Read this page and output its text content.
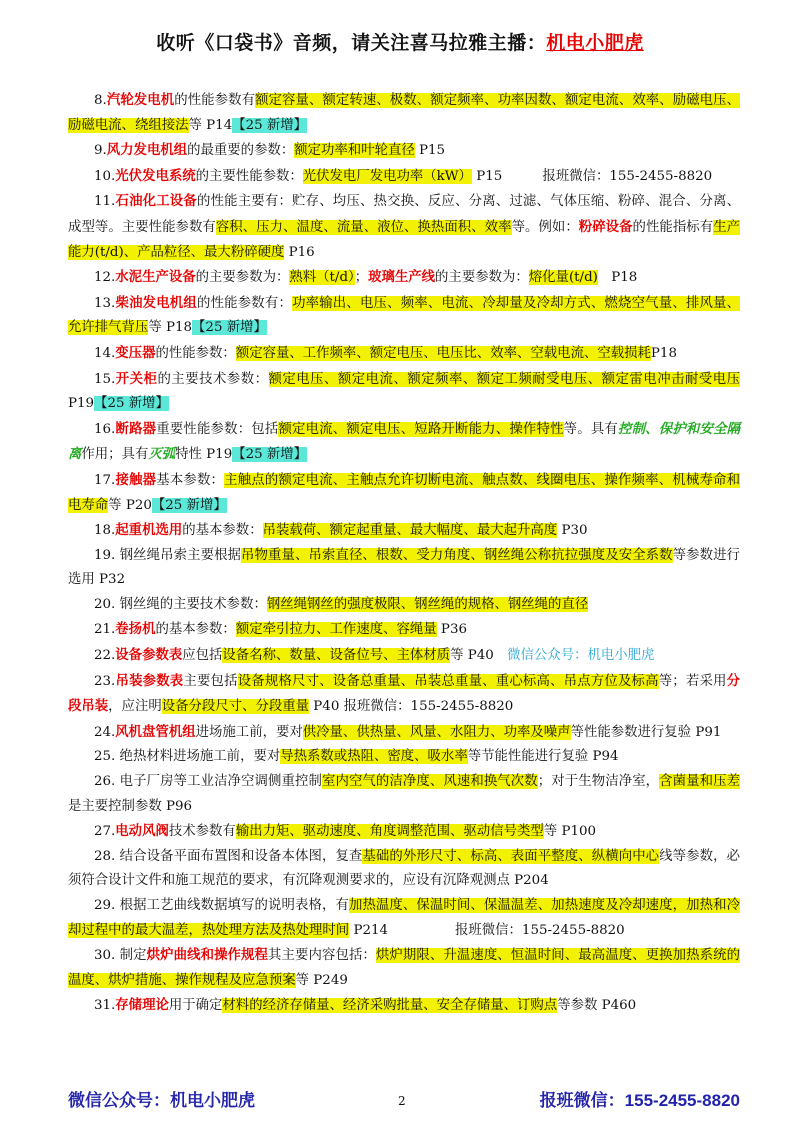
收听《口袋书》音频，请关注喜马拉雅主播：机电小肥虎

8.汽轮发电机的性能参数有额定容量、额定转速、极数、额定频率、功率因数、额定电流、效率、励磁电压、励磁电流、绕组接法等 P14【25 新增】

9.风力发电机组的最重要的参数：额定功率和叶轮直径 P15

10.光伏发电系统的主要性能参数：光伏发电厂发电功率（kW） P15　　　报班微信：155-2455-8820

11.石油化工设备的性能主要有：贮存、均压、热交换、反应、分离、过滤、气体压缩、粉碎、混合、分离、成型等。主要性能参数有容积、压力、温度、流量、液位、换热面积、效率等。例如：粉碎设备的性能指标有生产能力(t/d)、产品粒径、最大粉碎硬度 P16

12.水泥生产设备的主要参数为：熟料（t/d）；玻璃生产线的主要参数为：熔化量(t/d)　P18

13.柴油发电机组的性能参数有：功率输出、电压、频率、电流、冷却量及冷却方式、燃烧空气量、排风量、允许排气背压等 P18【25 新增】

14.变压器的性能参数：额定容量、工作频率、额定电压、电压比、效率、空载电流、空载损耗P18

15.开关柜的主要技术参数：额定电压、额定电流、额定频率、额定工频耐受电压、额定雷电冲击耐受电压 P19【25 新增】

16.断路器重要性能参数：包括额定电流、额定电压、短路开断能力、操作特性等。具有控制、保护和安全隔离作用；具有灭弧特性 P19【25 新增】

17.接触器基本参数：主触点的额定电流、主触点允许切断电流、触点数、线圈电压、操作频率、机械寿命和电寿命等 P20【25 新增】

18.起重机选用的基本参数：吊装载荷、额定起重量、最大幅度、最大起升高度 P30

19. 钢丝绳吊索主要根据吊物重量、吊索直径、根数、受力角度、钢丝绳公称抗拉强度及安全系数等参数进行选用 P32

20. 钢丝绳的主要技术参数：钢丝绳钢丝的强度极限、钢丝绳的规格、钢丝绳的直径

21.卷扬机的基本参数：额定牵引拉力、工作速度、容绳量 P36

22.设备参数表应包括设备名称、数量、设备位号、主体材质等 P40　微信公众号：机电小肥虎

23.吊装参数表主要包括设备规格尺寸、设备总重量、吊装总重量、重心标高、吊点方位及标高等；若采用分段吊装，应注明设备分段尺寸、分段重量 P40 报班微信：155-2455-8820

24.风机盘管机组进场施工前，要对供冷量、供热量、风量、水阻力、功率及噪声等性能参数进行复验 P91

25. 绝热材料进场施工前，要对导热系数或热阻、密度、吸水率等节能性能进行复验 P94

26. 电子厂房等工业洁净空调侧重控制室内空气的洁净度、风速和换气次数；对于生物洁净室，含菌量和压差是主要控制参数 P96

27.电动风阀技术参数有输出力矩、驱动速度、角度调整范围、驱动信号类型等 P100

28. 结合设备平面布置图和设备本体图，复查基础的外形尺寸、标高、表面平整度、纵横向中心线等参数，必须符合设计文件和施工规范的要求，有沉降观测要求的，应设有沉降观测点 P204

29. 根据工艺曲线数据填写的说明表格，有加热温度、保温时间、保温温差、加热速度及冷却速度，加热和冷却过程中的最大温差，热处理方法及热处理时间 P214　　　　　报班微信：155-2455-8820

30. 制定烘炉曲线和操作规程其主要内容包括：烘炉期限、升温速度、恒温时间、最高温度、更换加热系统的温度、烘炉措施、操作规程及应急预案等 P249

31.存储理论用于确定材料的经济存储量、经济采购批量、安全存储量、订购点等参数 P460

微信公众号：机电小肥虎	2	报班微信：155-2455-8820
